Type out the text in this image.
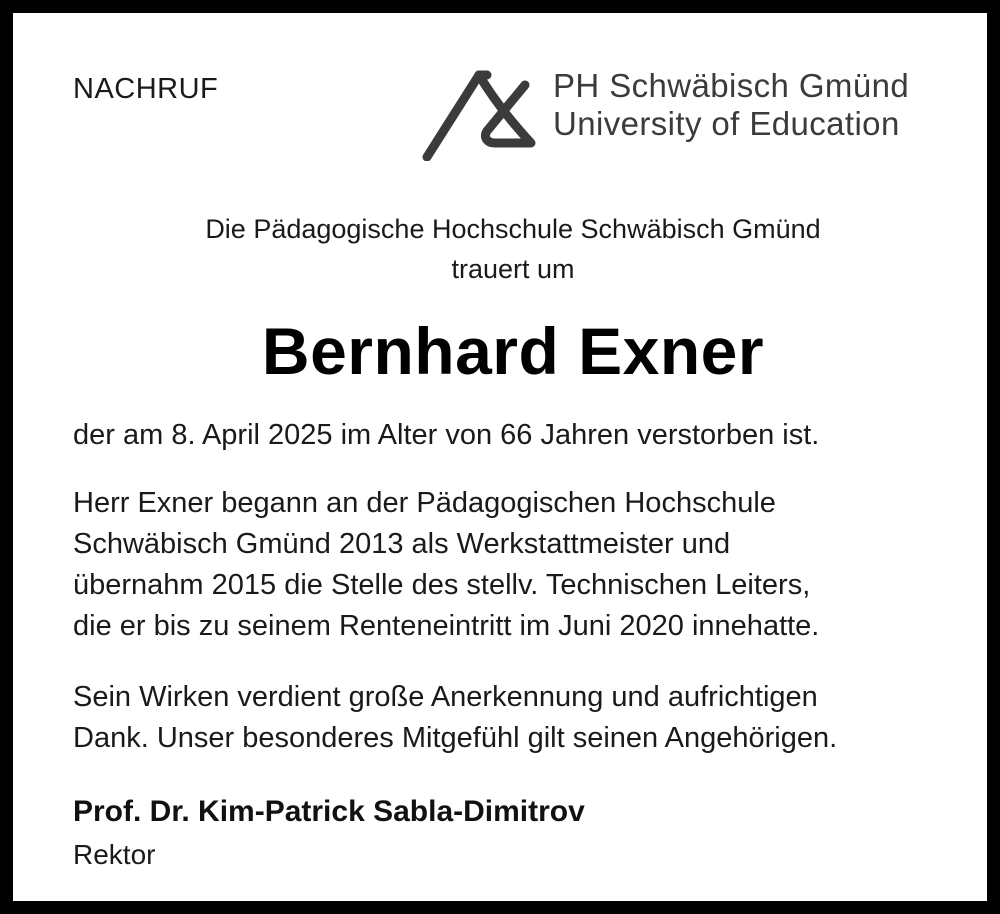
NACHRUF	PH Schwäbisch Gmünd
University of Education
Die Pädagogische Hochschule Schwäbisch Gmünd
trauert um
Bernhard Exner
der am 8. April 2025 im Alter von 66 Jahren verstorben ist.
Herr Exner begann an der Pädagogischen Hochschule
Schwäbisch Gmünd 2013 als Werkstattmeister und
übernahm 2015 die Stelle des stellv. Technischen Leiters,
die er bis zu seinem Renteneintritt im Juni 2020 innehatte.
Sein Wirken verdient große Anerkennung und aufrichtigen
Dank. Unser besonderes Mitgefühl gilt seinen Angehörigen.
Prof. Dr. Kim-Patrick Sabla-Dimitrov
Rektor
